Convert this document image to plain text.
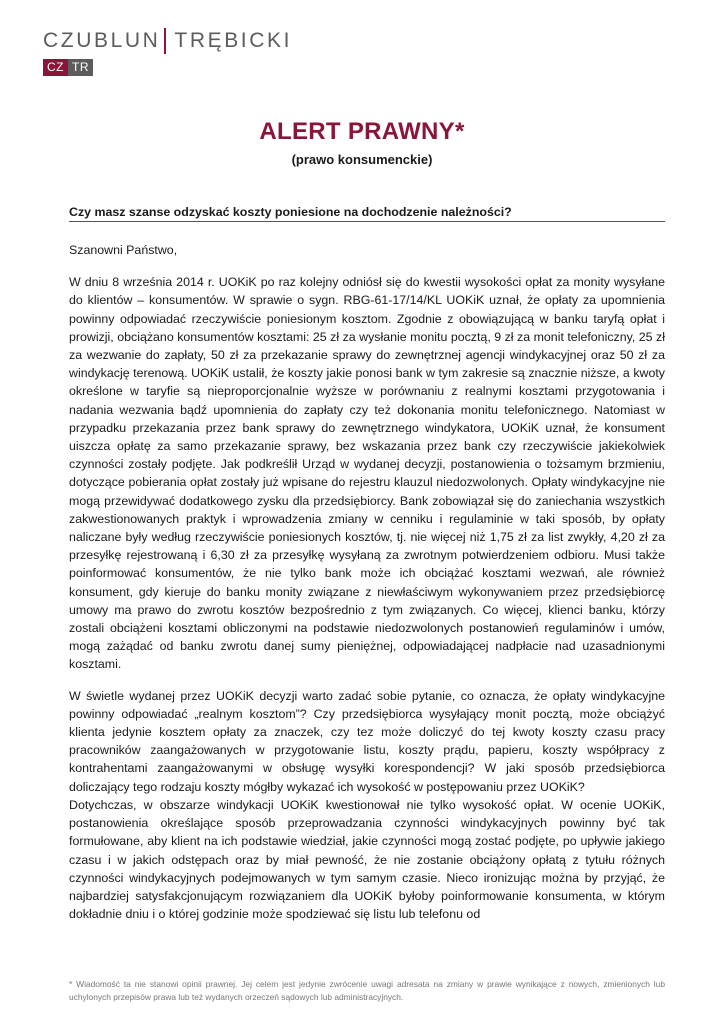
CZUBLUN TRĘBICKI
CZ TR
ALERT PRAWNY*
(prawo konsumenckie)
Czy masz szanse odzyskać koszty poniesione na dochodzenie należności?

Szanowni Państwo,

W dniu 8 września 2014 r. UOKiK po raz kolejny odniósł się do kwestii wysokości opłat za monity wysyłane do klientów – konsumentów. W sprawie o sygn. RBG-61-17/14/KL UOKiK uznał, że opłaty za upomnienia powinny odpowiadać rzeczywiście poniesionym kosztom. Zgodnie z obowiązującą w banku taryfą opłat i prowizji, obciążano konsumentów kosztami: 25 zł za wysłanie monitu pocztą, 9 zł za monit telefoniczny, 25 zł za wezwanie do zapłaty, 50 zł za przekazanie sprawy do zewnętrznej agencji windykacyjnej oraz 50 zł za windykację terenową. UOKiK ustalił, że koszty jakie ponosi bank w tym zakresie są znacznie niższe, a kwoty określone w taryfie są nieproporcjonalnie wyższe w porównaniu z realnymi kosztami przygotowania i nadania wezwania bądź upomnienia do zapłaty czy też dokonania monitu telefonicznego. Natomiast w przypadku przekazania przez bank sprawy do zewnętrznego windykatora, UOKiK uznał, że konsument uiszcza opłatę za samo przekazanie sprawy, bez wskazania przez bank czy rzeczywiście jakiekolwiek czynności zostały podjęte. Jak podkreślił Urząd w wydanej decyzji, postanowienia o tożsamym brzmieniu, dotyczące pobierania opłat zostały już wpisane do rejestru klauzul niedozwolonych. Opłaty windykacyjne nie mogą przewidywać dodatkowego zysku dla przedsiębiorcy. Bank zobowiązał się do zaniechania wszystkich zakwestionowanych praktyk i wprowadzenia zmiany w cenniku i regulaminie w taki sposób, by opłaty naliczane były według rzeczywiście poniesionych kosztów, tj. nie więcej niż 1,75 zł za list zwykły, 4,20 zł za przesyłkę rejestrowaną i 6,30 zł za przesyłkę wysyłaną za zwrotnym potwierdzeniem odbioru. Musi także poinformować konsumentów, że nie tylko bank może ich obciążać kosztami wezwań, ale również konsument, gdy kieruje do banku monity związane z niewłaściwym wykonywaniem przez przedsiębiorcę umowy ma prawo do zwrotu kosztów bezpośrednio z tym związanych. Co więcej, klienci banku, którzy zostali obciążeni kosztami obliczonymi na podstawie niedozwolonych postanowień regulaminów i umów, mogą zażądać od banku zwrotu danej sumy pieniężnej, odpowiadającej nadpłacie nad uzasadnionymi kosztami.

W świetle wydanej przez UOKiK decyzji warto zadać sobie pytanie, co oznacza, że opłaty windykacyjne powinny odpowiadać „realnym kosztom”? Czy przedsiębiorca wysyłający monit pocztą, może obciążyć klienta jedynie kosztem opłaty za znaczek, czy tez może doliczyć do tej kwoty koszty czasu pracy pracowników zaangażowanych w przygotowanie listu, koszty prądu, papieru, koszty współpracy z kontrahentami zaangażowanymi w obsługę wysyłki korespondencji? W jaki sposób przedsiębiorca doliczający tego rodzaju koszty mógłby wykazać ich wysokość w postępowaniu przez UOKiK?

Dotychczas, w obszarze windykacji UOKiK kwestionował nie tylko wysokość opłat. W ocenie UOKiK, postanowienia określające sposób przeprowadzania czynności windykacyjnych powinny być tak formułowane, aby klient na ich podstawie wiedział, jakie czynności mogą zostać podjęte, po upływie jakiego czasu i w jakich odstępach oraz by miał pewność, że nie zostanie obciążony opłatą z tytułu różnych czynności windykacyjnych podejmowanych w tym samym czasie. Nieco ironizując można by przyjąć, że najbardziej satysfakcjonującym rozwiązaniem dla UOKiK byłoby poinformowanie konsumenta, w którym dokładnie dniu i o której godzinie może spodziewać się listu lub telefonu od

* Wiadomość ta nie stanowi opinii prawnej. Jej celem jest jedynie zwrócenie uwagi adresata na zmiany w prawie wynikające z nowych, zmienionych lub uchylonych przepisów prawa lub też wydanych orzeczeń sądowych lub administracyjnych.
